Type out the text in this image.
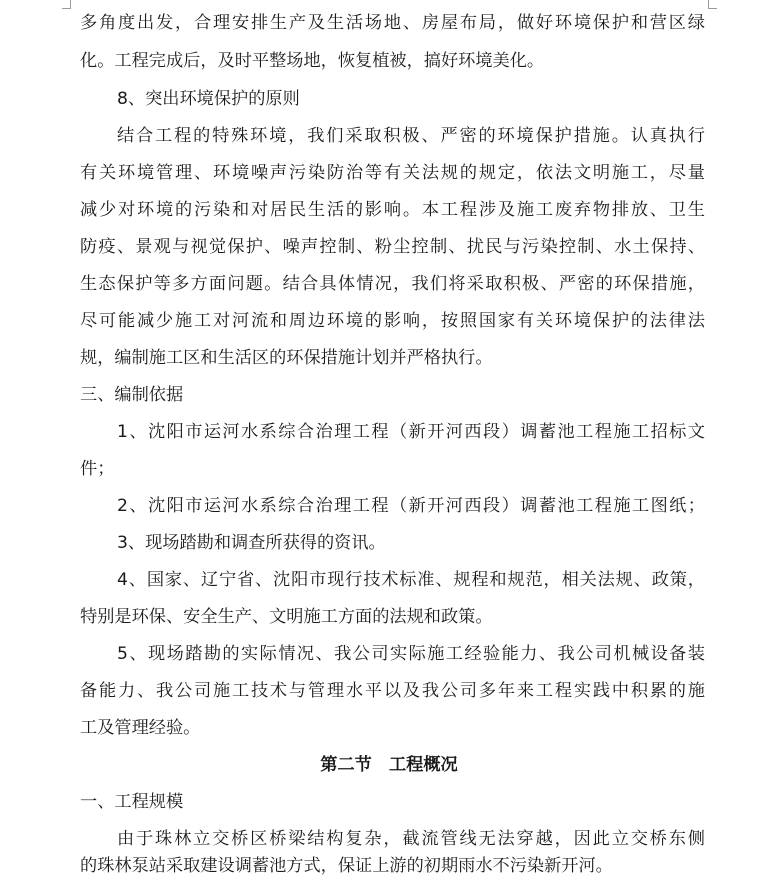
多角度出发，合理安排生产及生活场地、房屋布局，做好环境保护和营区绿
化。工程完成后，及时平整场地，恢复植被，搞好环境美化。
8、突出环境保护的原则
结合工程的特殊环境，我们采取积极、严密的环境保护措施。认真执行
有关环境管理、环境噪声污染防治等有关法规的规定，依法文明施工，尽量
减少对环境的污染和对居民生活的影响。本工程涉及施工废弃物排放、卫生
防疫、景观与视觉保护、噪声控制、粉尘控制、扰民与污染控制、水土保持、
生态保护等多方面问题。结合具体情况，我们将采取积极、严密的环保措施，
尽可能减少施工对河流和周边环境的影响，按照国家有关环境保护的法律法
规，编制施工区和生活区的环保措施计划并严格执行。
三、编制依据
1、沈阳市运河水系综合治理工程（新开河西段）调蓄池工程施工招标文
件；
2、沈阳市运河水系综合治理工程（新开河西段）调蓄池工程施工图纸；
3、现场踏勘和调查所获得的资讯。
4、国家、辽宁省、沈阳市现行技术标准、规程和规范，相关法规、政策，
特别是环保、安全生产、文明施工方面的法规和政策。
5、现场踏勘的实际情况、我公司实际施工经验能力、我公司机械设备装
备能力、我公司施工技术与管理水平以及我公司多年来工程实践中积累的施
工及管理经验。
第二节　工程概况
一、工程规模
由于珠林立交桥区桥梁结构复杂，截流管线无法穿越，因此立交桥东侧
的珠林泵站采取建设调蓄池方式，保证上游的初期雨水不污染新开河。
